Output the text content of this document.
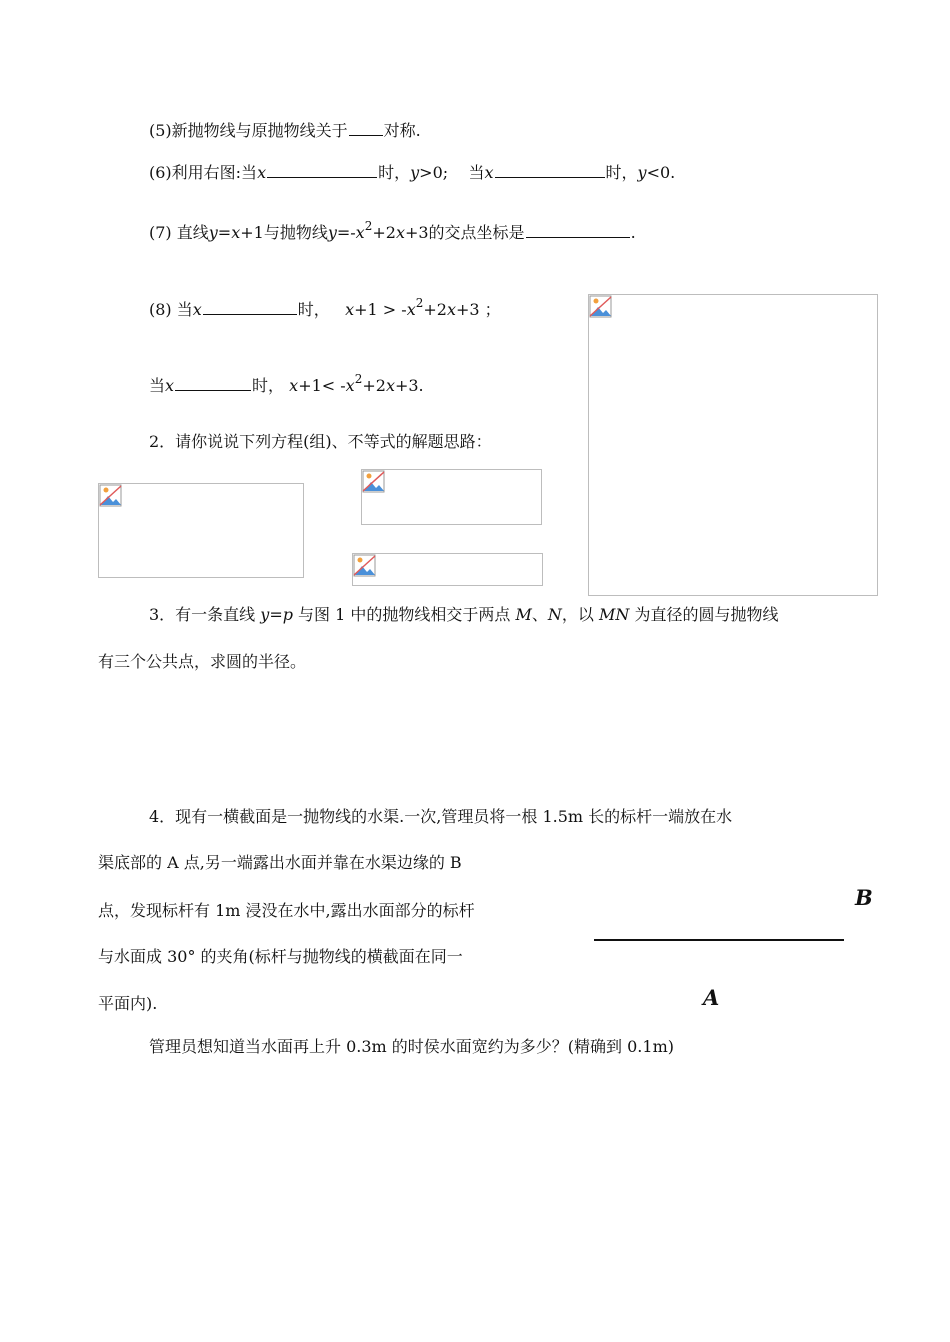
(5)新抛物线与原抛物线关于 对称.
(6)利用右图:当x	时，y>0; 当x	时，y<0.
(7) 直线y=x+1与抛物线$y=-x^2+2x+3$的交点坐标是	.
(8) 当x	时， $x+1 > -x^2+2x+3$ ；
当x	时， $x+1< -x^2+2x+3$.
2．请你说说下列方程(组)、不等式的解题思路：
3．有一条直线 y=p 与图 1 中的抛物线相交于两点 M、N，以 MN 为直径的圆与抛物线
有三个公共点，求圆的半径。
4．现有一横截面是一抛物线的水渠.一次,管理员将一根 1.5m 长的标杆一端放在水
渠底部的 A 点,另一端露出水面并靠在水渠边缘的 B
点，发现标杆有 1m 浸没在水中,露出水面部分的标杆
与水面成 30° 的夹角(标杆与抛物线的横截面在同一
平面内).
管理员想知道当水面再上升 0.3m 的时侯水面宽约为多少？(精确到 0.1m)
B
A
